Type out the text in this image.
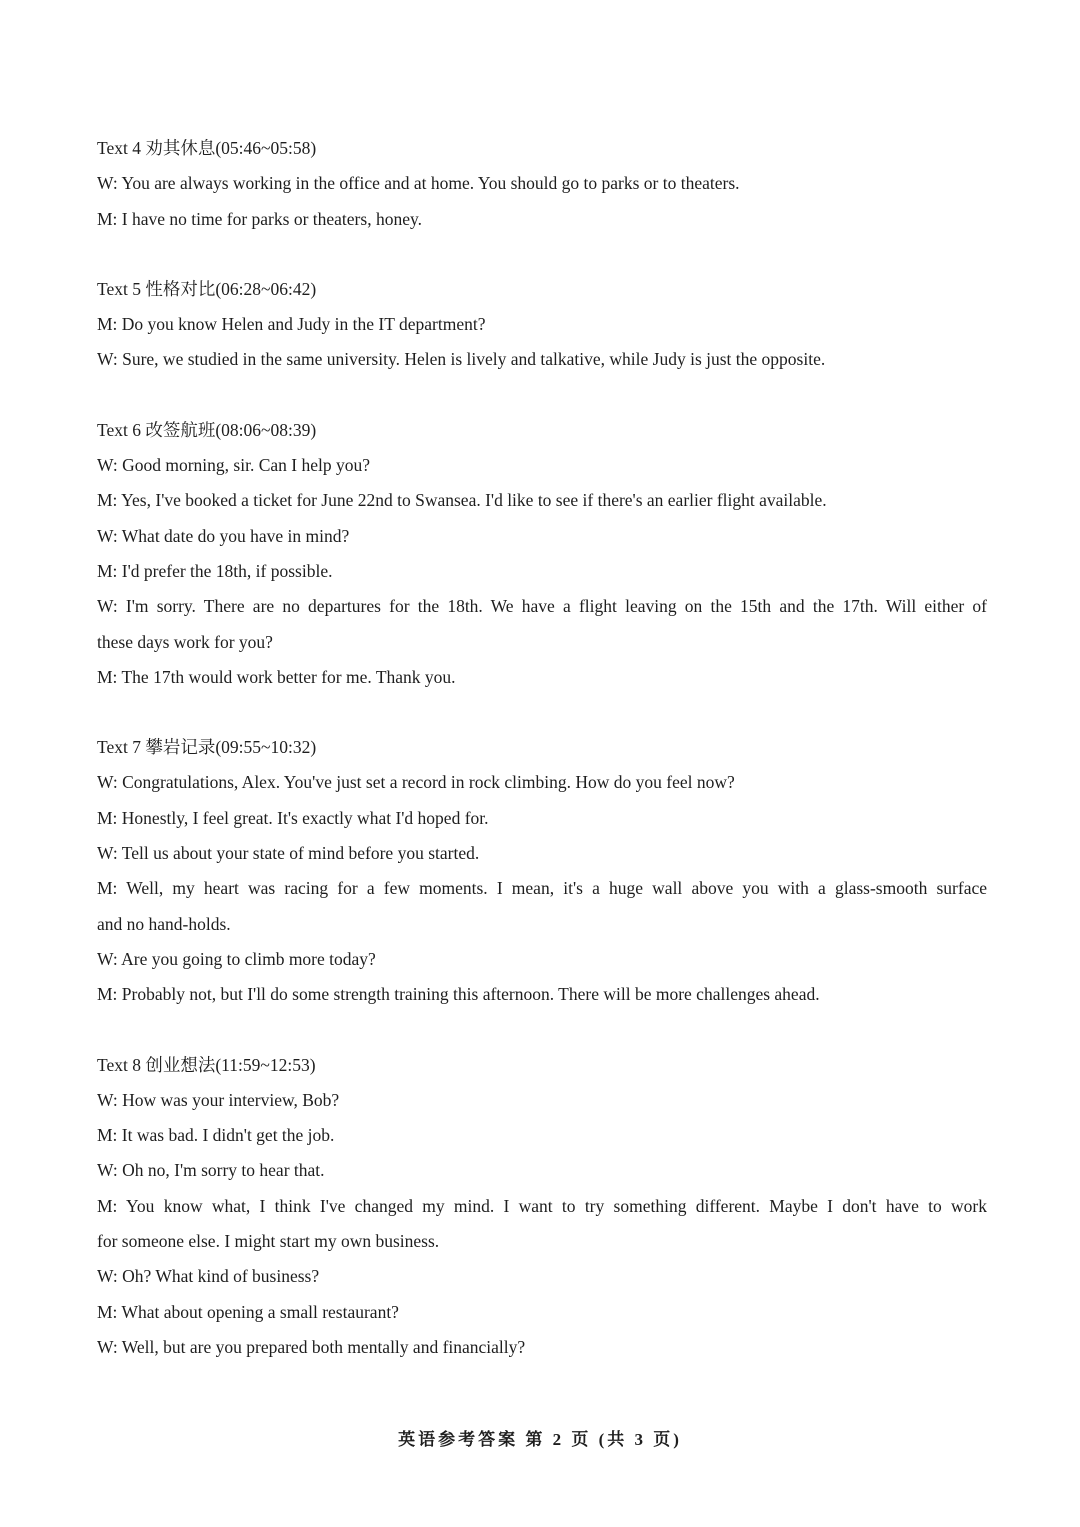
Text 4 劝其休息(05:46~05:58)

W: You are always working in the office and at home. You should go to parks or to theaters.

M: I have no time for parks or theaters, honey.

Text 5 性格对比(06:28~06:42)

M: Do you know Helen and Judy in the IT department?

W: Sure, we studied in the same university. Helen is lively and talkative, while Judy is just the opposite.

Text 6 改签航班(08:06~08:39)

W: Good morning, sir. Can I help you?

M: Yes, I've booked a ticket for June 22nd to Swansea. I'd like to see if there's an earlier flight available.

W: What date do you have in mind?

M: I'd prefer the 18th, if possible.

W: I'm sorry. There are no departures for the 18th. We have a flight leaving on the 15th and the 17th. Will either of

these days work for you?

M: The 17th would work better for me. Thank you.

Text 7 攀岩记录(09:55~10:32)

W: Congratulations, Alex. You've just set a record in rock climbing. How do you feel now?

M: Honestly, I feel great. It's exactly what I'd hoped for.

W: Tell us about your state of mind before you started.

M: Well, my heart was racing for a few moments. I mean, it's a huge wall above you with a glass-smooth surface

and no hand-holds.

W: Are you going to climb more today?

M: Probably not, but I'll do some strength training this afternoon. There will be more challenges ahead.

Text 8 创业想法(11:59~12:53)

W: How was your interview, Bob?

M: It was bad. I didn't get the job.

W: Oh no, I'm sorry to hear that.

M: You know what, I think I've changed my mind. I want to try something different. Maybe I don't have to work

for someone else. I might start my own business.

W: Oh? What kind of business?

M: What about opening a small restaurant?

W: Well, but are you prepared both mentally and financially?

英语参考答案 第 2 页 (共 3 页)
